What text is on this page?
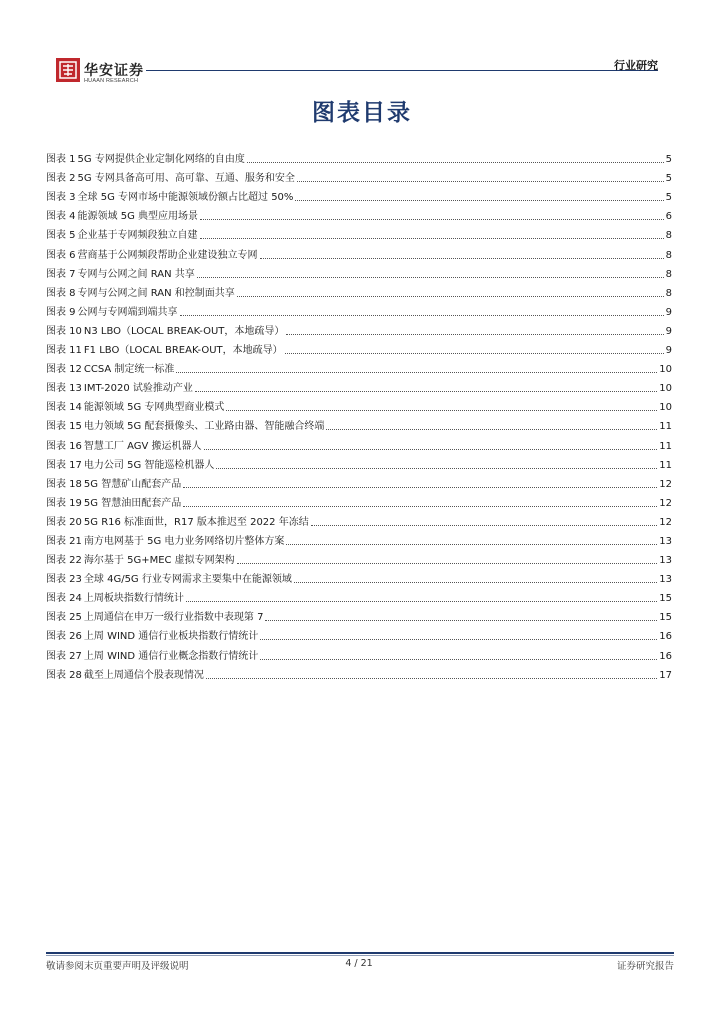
华安证券
HUAAN RESEARCH
行业研究
图表目录
图表 1 5G 专网提供企业定制化网络的自由度	5
图表 2 5G 专网具备高可用、高可靠、互通、服务和安全	5
图表 3 全球 5G 专网市场中能源领域份额占比超过 50%	5
图表 4 能源领域 5G 典型应用场景	6
图表 5 企业基于专网频段独立自建	8
图表 6 营商基于公网频段帮助企业建设独立专网	8
图表 7 专网与公网之间 RAN 共享	8
图表 8 专网与公网之间 RAN 和控制面共享	8
图表 9 公网与专网端到端共享	9
图表 10 N3 LBO（LOCAL BREAK-OUT，本地疏导）	9
图表 11 F1 LBO（LOCAL BREAK-OUT，本地疏导）	9
图表 12 CCSA 制定统一标准	10
图表 13 IMT-2020 试验推动产业	10
图表 14 能源领域 5G 专网典型商业模式	10
图表 15 电力领域 5G 配套摄像头、工业路由器、智能融合终端	11
图表 16 智慧工厂 AGV 搬运机器人	11
图表 17 电力公司 5G 智能巡检机器人	11
图表 18 5G 智慧矿山配套产品	12
图表 19 5G 智慧油田配套产品	12
图表 20 5G R16 标准面世，R17 版本推迟至 2022 年冻结	12
图表 21 南方电网基于 5G 电力业务网络切片整体方案	13
图表 22 海尔基于 5G+MEC 虚拟专网架构	13
图表 23 全球 4G/5G 行业专网需求主要集中在能源领域	13
图表 24 上周板块指数行情统计	15
图表 25 上周通信在申万一级行业指数中表现第 7	15
图表 26 上周 WIND 通信行业板块指数行情统计	16
图表 27 上周 WIND 通信行业概念指数行情统计	16
图表 28 截至上周通信个股表现情况	17
敬请参阅末页重要声明及评级说明	4 / 21	证券研究报告
